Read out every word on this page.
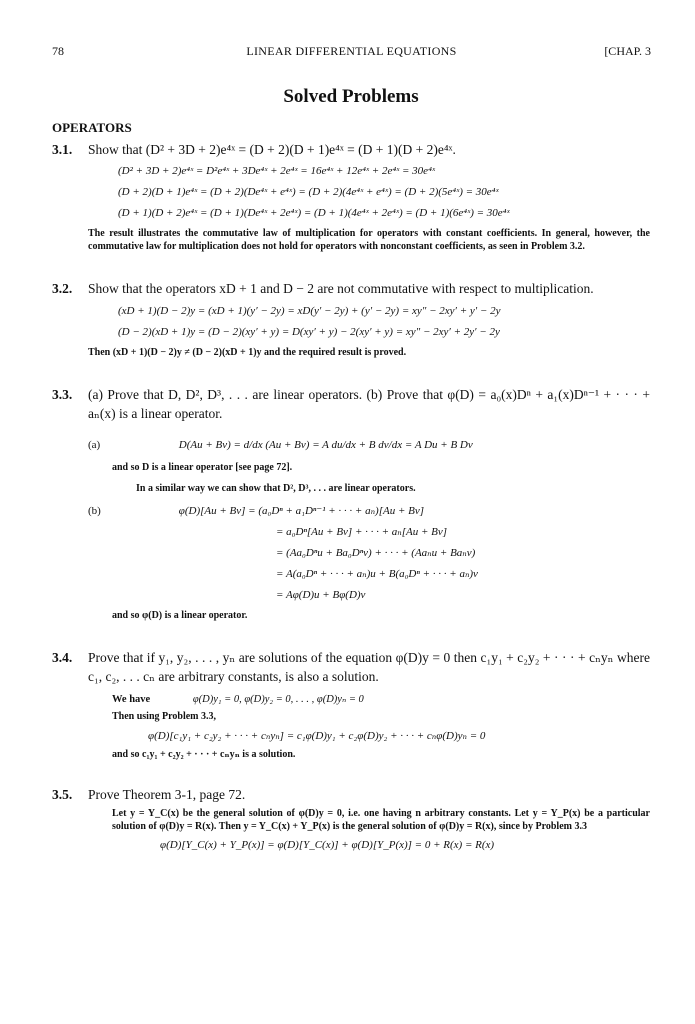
78	LINEAR DIFFERENTIAL EQUATIONS	[CHAP. 3
Solved Problems
OPERATORS
3.1.	Show that (D² + 3D + 2)e⁴ˣ = (D + 2)(D + 1)e⁴ˣ = (D + 1)(D + 2)e⁴ˣ.
(D² + 3D + 2)e⁴ˣ = D²e⁴ˣ + 3De⁴ˣ + 2e⁴ˣ = 16e⁴ˣ + 12e⁴ˣ + 2e⁴ˣ = 30e⁴ˣ
(D + 2)(D + 1)e⁴ˣ = (D + 2)(De⁴ˣ + e⁴ˣ) = (D + 2)(4e⁴ˣ + e⁴ˣ) = (D + 2)(5e⁴ˣ) = 30e⁴ˣ
(D + 1)(D + 2)e⁴ˣ = (D + 1)(De⁴ˣ + 2e⁴ˣ) = (D + 1)(4e⁴ˣ + 2e⁴ˣ) = (D + 1)(6e⁴ˣ) = 30e⁴ˣ
The result illustrates the commutative law of multiplication for operators with constant coefficients. In general, however, the commutative law for multiplication does not hold for operators with nonconstant coefficients, as seen in Problem 3.2.
3.2.	Show that the operators xD + 1 and D − 2 are not commutative with respect to multiplication.
(xD + 1)(D − 2)y = (xD + 1)(y′ − 2y) = xD(y′ − 2y) + (y′ − 2y) = xy″ − 2xy′ + y′ − 2y
(D − 2)(xD + 1)y = (D − 2)(xy′ + y) = D(xy′ + y) − 2(xy′ + y) = xy″ − 2xy′ + 2y′ − 2y
Then (xD + 1)(D − 2)y ≠ (D − 2)(xD + 1)y and the required result is proved.
3.3.	(a) Prove that D, D², D³, . . . are linear operators. (b) Prove that φ(D) = a₀(x)Dⁿ + a₁(x)Dⁿ⁻¹ + · · · + aₙ(x) is a linear operator.
(a)	D(Au + Bv) = d/dx (Au + Bv) = A du/dx + B dv/dx = A Du + B Dv
and so D is a linear operator [see page 72].
In a similar way we can show that D², D³, . . . are linear operators.
(b)	φ(D)[Au + Bv] = (a₀Dⁿ + a₁Dⁿ⁻¹ + · · · + aₙ)[Au + Bv]
= a₀Dⁿ[Au + Bv] + · · · + aₙ[Au + Bv]
= (Aa₀Dⁿu + Ba₀Dⁿv) + · · · + (Aaₙu + Baₙv)
= A(a₀Dⁿ + · · · + aₙ)u + B(a₀Dⁿ + · · · + aₙ)v
= Aφ(D)u + Bφ(D)v
and so φ(D) is a linear operator.
3.4.	Prove that if y₁, y₂, . . . , yₙ are solutions of the equation φ(D)y = 0 then c₁y₁ + c₂y₂ + · · · + cₙyₙ where c₁, c₂, . . . cₙ are arbitrary constants, is also a solution.
We have	φ(D)y₁ = 0, φ(D)y₂ = 0, . . . , φ(D)yₙ = 0
Then using Problem 3.3,
φ(D)[c₁y₁ + c₂y₂ + · · · + cₙyₙ] = c₁φ(D)y₁ + c₂φ(D)y₂ + · · · + cₙφ(D)yₙ = 0
and so c₁y₁ + c₂y₂ + · · · + cₙyₙ is a solution.
3.5.	Prove Theorem 3-1, page 72.
Let y = Y_C(x) be the general solution of φ(D)y = 0, i.e. one having n arbitrary constants. Let y = Y_P(x) be a particular solution of φ(D)y = R(x). Then y = Y_C(x) + Y_P(x) is the general solution of φ(D)y = R(x), since by Problem 3.3
φ(D)[Y_C(x) + Y_P(x)] = φ(D)[Y_C(x)] + φ(D)[Y_P(x)] = 0 + R(x) = R(x)
